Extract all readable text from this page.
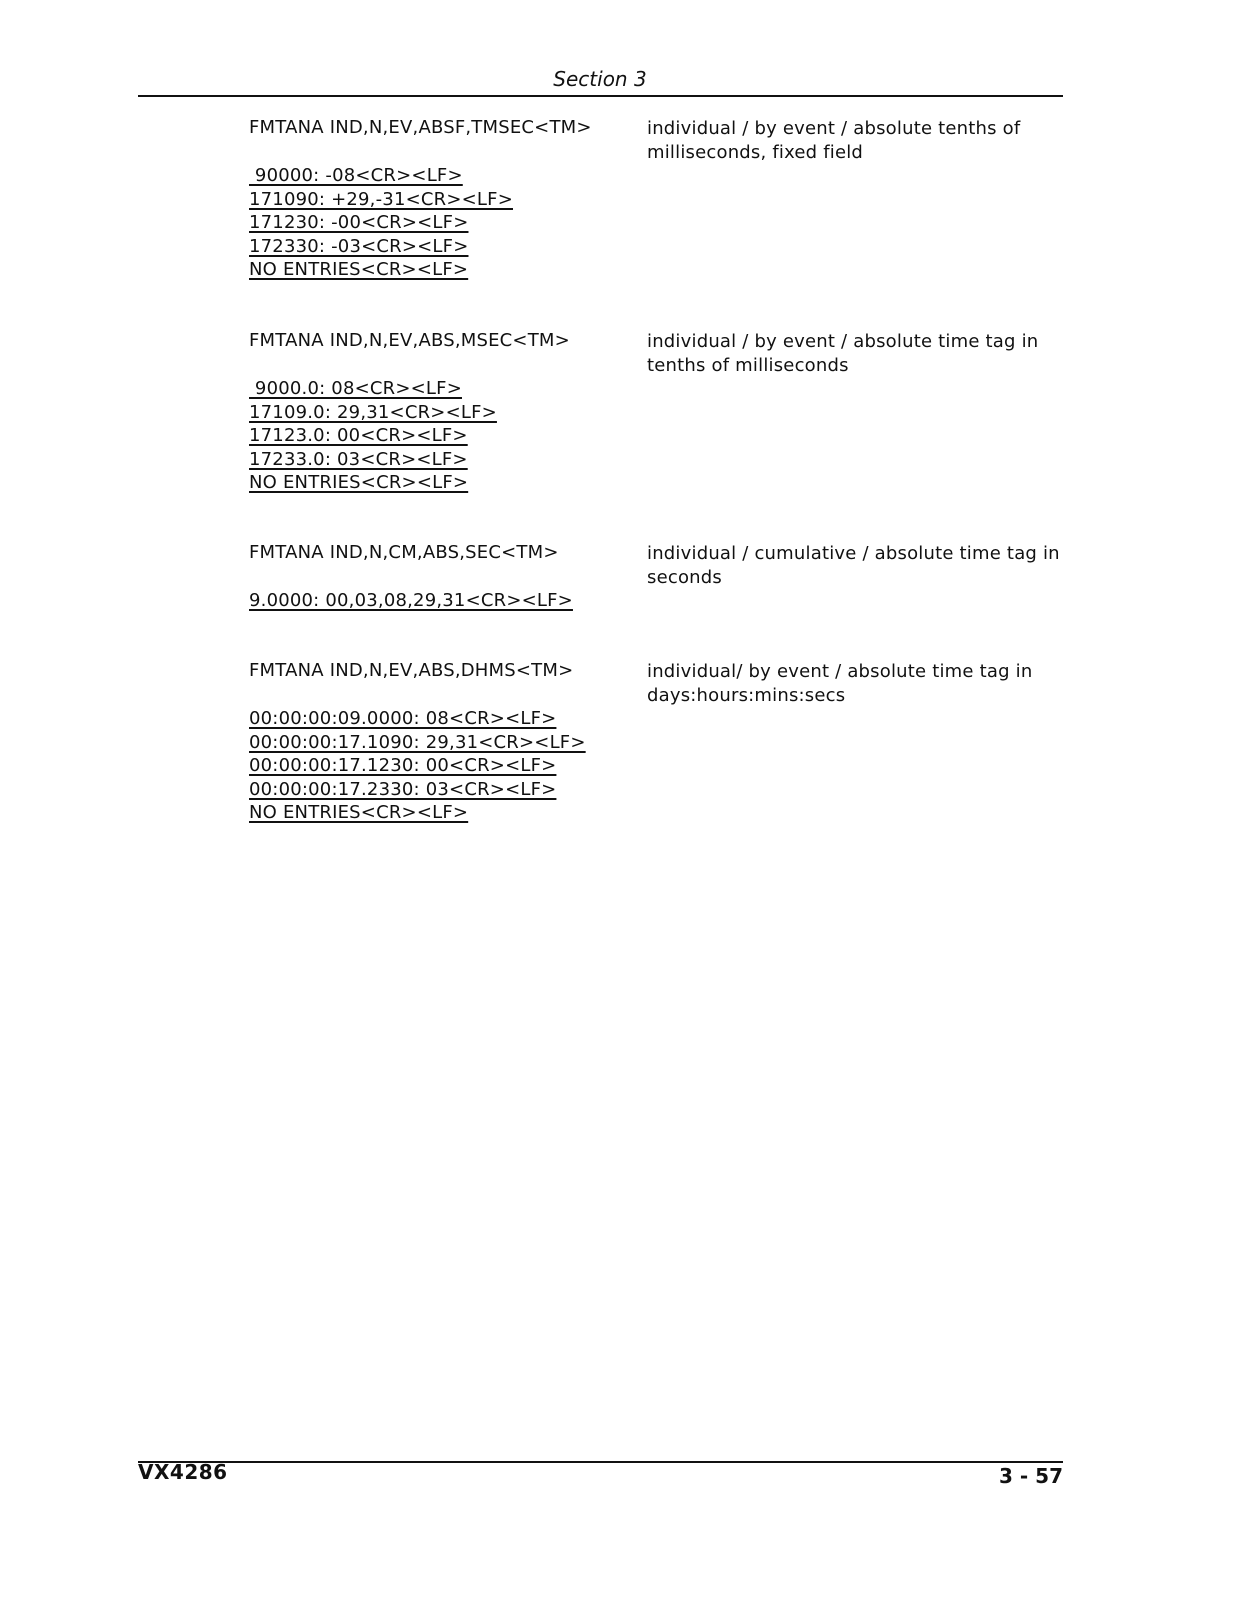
Section 3
FMTANA IND,N,EV,ABSF,TMSEC<TM>	individual / by event / absolute tenths of milliseconds, fixed field
90000: -08<CR><LF>
171090: +29,-31<CR><LF>
171230: -00<CR><LF>
172330: -03<CR><LF>
NO ENTRIES<CR><LF>
FMTANA IND,N,EV,ABS,MSEC<TM>	individual / by event / absolute time tag in tenths of milliseconds
9000.0: 08<CR><LF>
17109.0: 29,31<CR><LF>
17123.0: 00<CR><LF>
17233.0: 03<CR><LF>
NO ENTRIES<CR><LF>
FMTANA IND,N,CM,ABS,SEC<TM>	individual / cumulative / absolute time tag in seconds
9.0000: 00,03,08,29,31<CR><LF>
FMTANA IND,N,EV,ABS,DHMS<TM>	individual/ by event / absolute time tag in days:hours:mins:secs
00:00:00:09.0000: 08<CR><LF>
00:00:00:17.1090: 29,31<CR><LF>
00:00:00:17.1230: 00<CR><LF>
00:00:00:17.2330: 03<CR><LF>
NO ENTRIES<CR><LF>
VX4286	3 - 57
